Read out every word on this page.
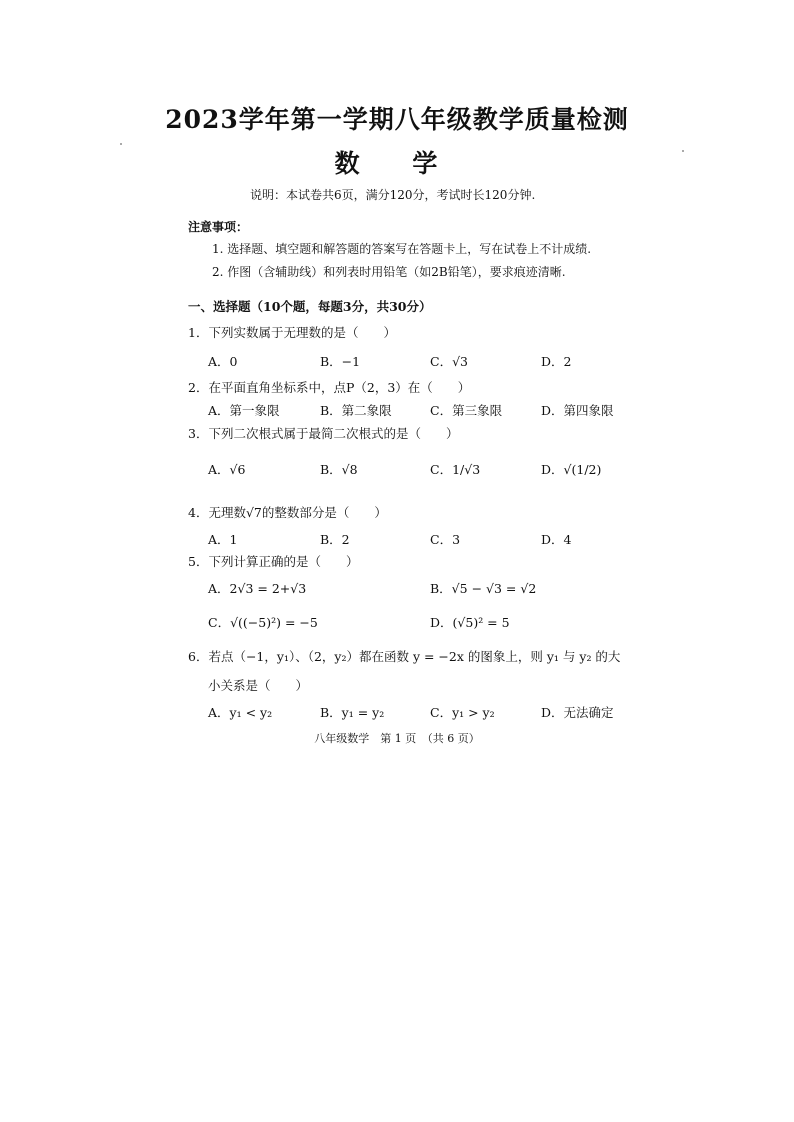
2023学年第一学期八年级教学质量检测
数 学
说明：本试卷共6页，满分120分，考试时长120分钟.
注意事项：
1. 选择题、填空题和解答题的答案写在答题卡上，写在试卷上不计成绩.
2. 作图（含辅助线）和列表时用铅笔（如2B铅笔），要求痕迹清晰.
一、选择题（10个题，每题3分，共30分）
1．下列实数属于无理数的是（　　）
A．0	B．−1	C．√3	D．2
2．在平面直角坐标系中，点P（2，3）在（　　）
A．第一象限	B．第二象限	C．第三象限	D．第四象限
3．下列二次根式属于最简二次根式的是（　　）
A．√6	B．√8	C．1/√3	D．√(1/2)
4．无理数√7的整数部分是（　　）
A．1	B．2	C．3	D．4
5．下列计算正确的是（　　）
A．2√3 = 2+√3	B．√5 − √3 = √2
C．√((−5)²) = −5	D．(√5)² = 5
6．若点（−1，y₁）、（2，y₂）都在函数 y = −2x 的图象上，则 y₁ 与 y₂ 的大
小关系是（　　）
A．y₁ < y₂	B．y₁ = y₂	C．y₁ > y₂	D．无法确定
八年级数学　第 1 页　（共 6 页）
